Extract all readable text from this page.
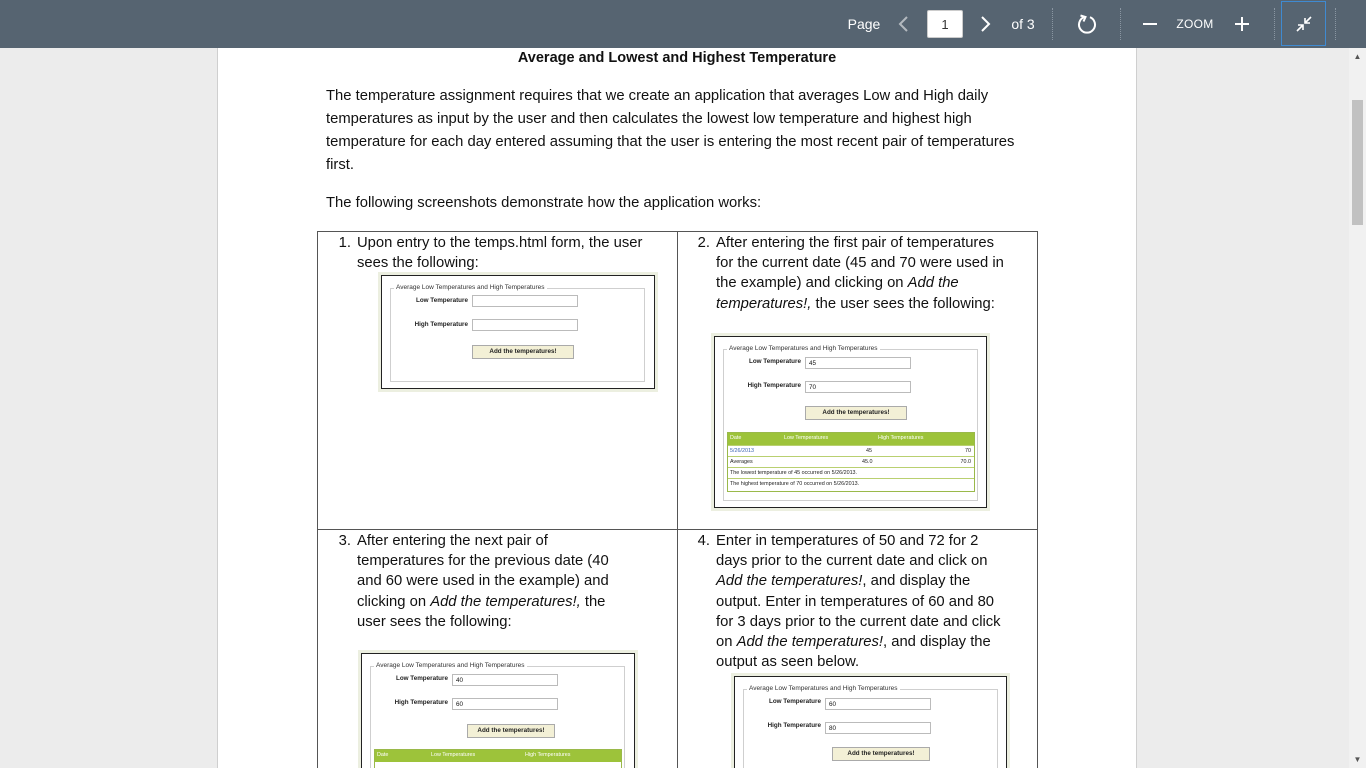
Page
1	of 3	ZOOM
Average and Lowest and Highest Temperature

The temperature assignment requires that we create an application that averages Low and High daily temperatures as input by the user and then calculates the lowest low temperature and highest high temperature for each day entered assuming that the user is entering the most recent pair of temperatures first.

The following screenshots demonstrate how the application works:

1. Upon entry to the temps.html form, the user sees the following:
Average Low Temperatures and High Temperatures
Low Temperature
High Temperature
Add the temperatures!
2. After entering the first pair of temperatures for the current date (45 and 70 were used in the example) and clicking on Add the temperatures!, the user sees the following:
Average Low Temperatures and High Temperatures
Low Temperature	45
High Temperature	70
Add the temperatures!
Date	Low Temperatures	High Temperatures
5/26/2013	45	70
Averages	45.0	70.0
The lowest temperature of 45 occurred on 5/26/2013.
The highest temperature of 70 occurred on 5/26/2013.
3. After entering the next pair of temperatures for the previous date (40 and 60 were used in the example) and clicking on Add the temperatures!, the user sees the following:
Average Low Temperatures and High Temperatures
Low Temperature	40
High Temperature	60
Add the temperatures!
Date	Low Temperatures	High Temperatures
4. Enter in temperatures of 50 and 72 for 2 days prior to the current date and click on Add the temperatures!, and display the output. Enter in temperatures of 60 and 80 for 3 days prior to the current date and click on Add the temperatures!, and display the output as seen below.
Average Low Temperatures and High Temperatures
Low Temperature	60
High Temperature	80
Add the temperatures!
▲
▼
